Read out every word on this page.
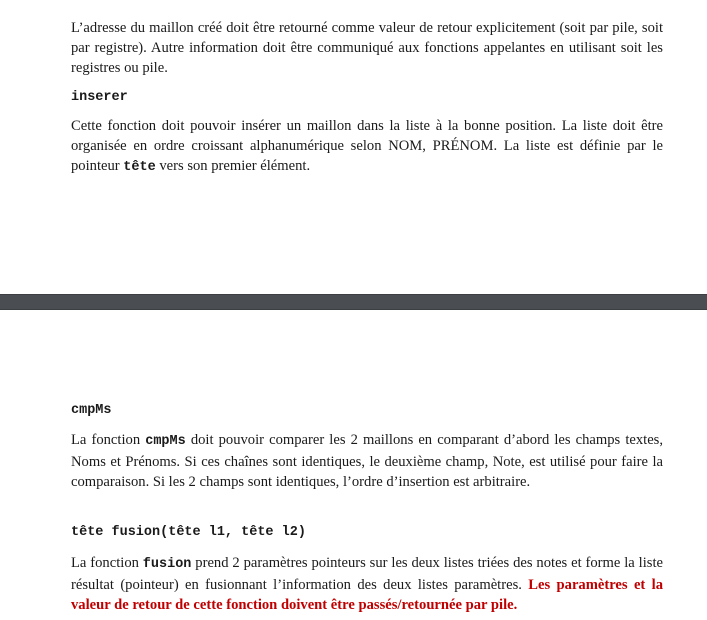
L’adresse du maillon créé doit être retourné comme valeur de retour explicitement (soit par pile, soit par registre). Autre information doit être communiqué aux fonctions appelantes en utilisant soit les registres ou pile.

inserer

Cette fonction doit pouvoir insérer un maillon dans la liste à la bonne position. La liste doit être organisée en ordre croissant alphanumérique selon NOM, PRÉNOM. La liste est définie par le pointeur tête vers son premier élément.

cmpMs

La fonction cmpMs doit pouvoir comparer les 2 maillons en comparant d’abord les champs textes, Noms et Prénoms. Si ces chaînes sont identiques, le deuxième champ, Note, est utilisé pour faire la comparaison. Si les 2 champs sont identiques, l’ordre d’insertion est arbitraire.

tête fusion(tête l1, tête l2)

La fonction fusion prend 2 paramètres pointeurs sur les deux listes triées des notes et forme la liste résultat (pointeur) en fusionnant l’information des deux listes paramètres. Les paramètres et la valeur de retour de cette fonction doivent être passés/retournée par pile.
